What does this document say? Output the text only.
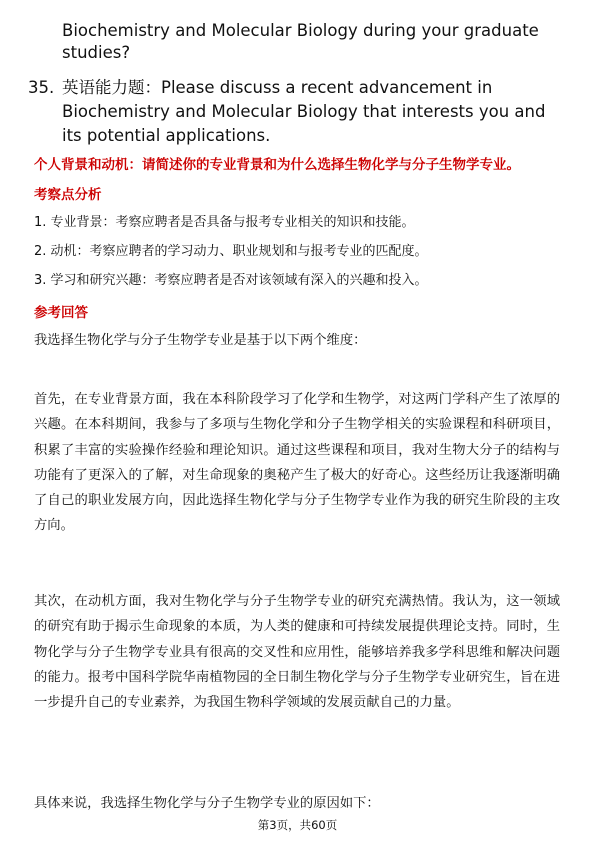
Biochemistry and Molecular Biology during your graduate studies?

35. 英语能力题：Please discuss a recent advancement in Biochemistry and Molecular Biology that interests you and its potential applications.

个人背景和动机：请简述你的专业背景和为什么选择生物化学与分子生物学专业。

考察点分析

1. 专业背景：考察应聘者是否具备与报考专业相关的知识和技能。
2. 动机：考察应聘者的学习动力、职业规划和与报考专业的匹配度。
3. 学习和研究兴趣：考察应聘者是否对该领域有深入的兴趣和投入。

参考回答

我选择生物化学与分子生物学专业是基于以下两个维度：

首先，在专业背景方面，我在本科阶段学习了化学和生物学，对这两门学科产生了浓厚的兴趣。在本科期间，我参与了多项与生物化学和分子生物学相关的实验课程和科研项目，积累了丰富的实验操作经验和理论知识。通过这些课程和项目，我对生物大分子的结构与功能有了更深入的了解，对生命现象的奥秘产生了极大的好奇心。这些经历让我逐渐明确了自己的职业发展方向，因此选择生物化学与分子生物学专业作为我的研究生阶段的主攻方向。

其次，在动机方面，我对生物化学与分子生物学专业的研究充满热情。我认为，这一领域的研究有助于揭示生命现象的本质，为人类的健康和可持续发展提供理论支持。同时，生物化学与分子生物学专业具有很高的交叉性和应用性，能够培养我多学科思维和解决问题的能力。报考中国科学院华南植物园的全日制生物化学与分子生物学专业研究生，旨在进一步提升自己的专业素养，为我国生物科学领域的发展贡献自己的力量。

具体来说，我选择生物化学与分子生物学专业的原因如下：

第3页，共60页
